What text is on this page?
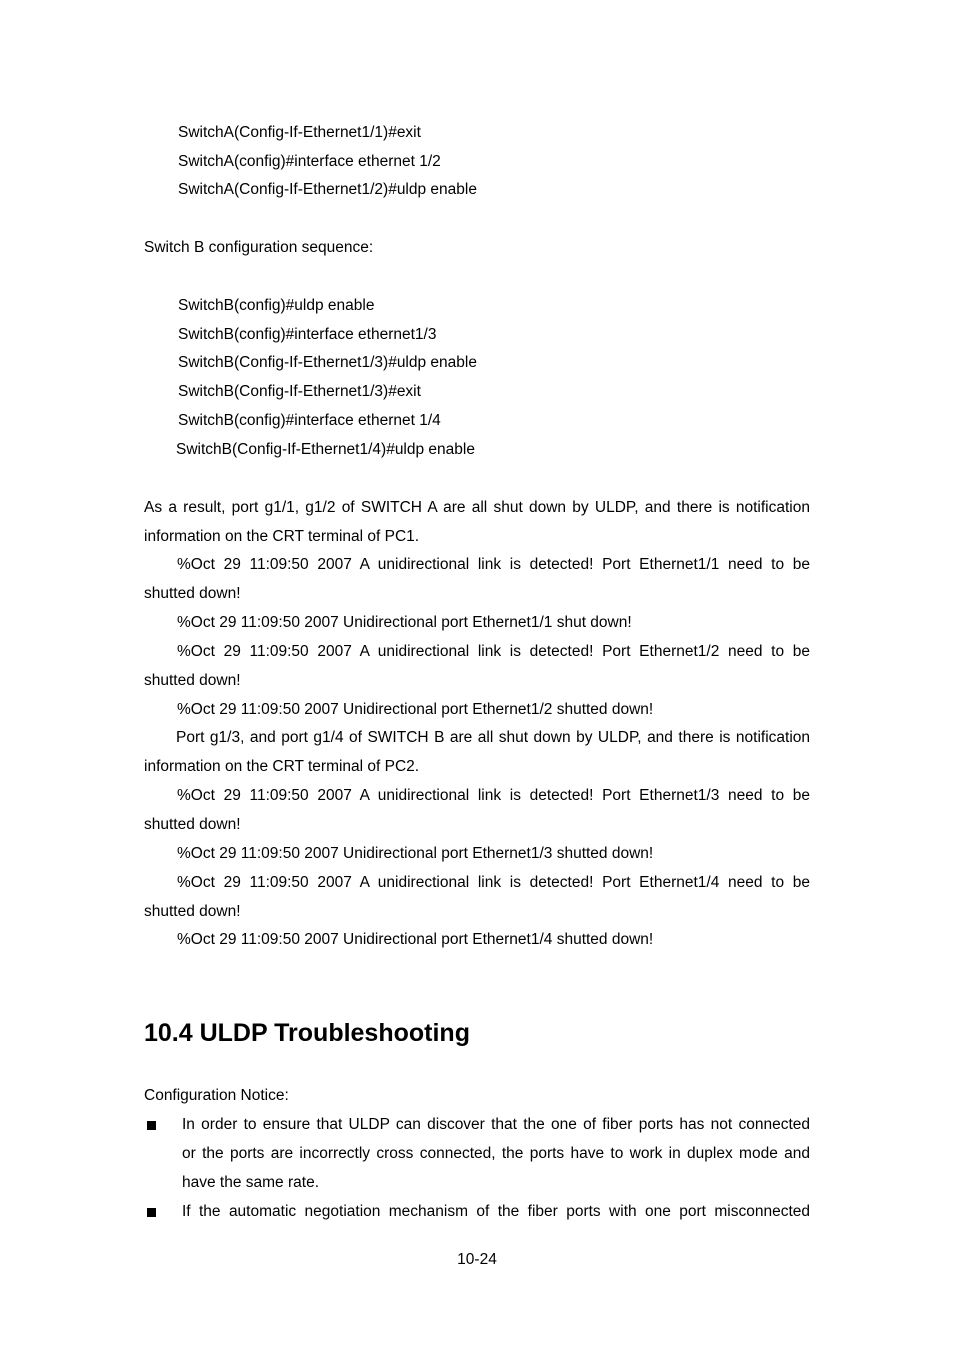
SwitchA(Config-If-Ethernet1/1)#exit
SwitchA(config)#interface ethernet 1/2
SwitchA(Config-If-Ethernet1/2)#uldp enable
Switch B configuration sequence:
SwitchB(config)#uldp enable
SwitchB(config)#interface ethernet1/3
SwitchB(Config-If-Ethernet1/3)#uldp enable
SwitchB(Config-If-Ethernet1/3)#exit
SwitchB(config)#interface ethernet 1/4
SwitchB(Config-If-Ethernet1/4)#uldp enable
As a result, port g1/1, g1/2 of SWITCH A are all shut down by ULDP, and there is notification
information on the CRT terminal of PC1.
%Oct 29 11:09:50 2007 A unidirectional link is detected! Port Ethernet1/1 need to be
shutted down!
%Oct 29 11:09:50 2007 Unidirectional port Ethernet1/1 shut down!
%Oct 29 11:09:50 2007 A unidirectional link is detected! Port Ethernet1/2 need to be
shutted down!
%Oct 29 11:09:50 2007 Unidirectional port Ethernet1/2 shutted down!
Port g1/3, and port g1/4 of SWITCH B are all shut down by ULDP, and there is notification
information on the CRT terminal of PC2.
%Oct 29 11:09:50 2007 A unidirectional link is detected! Port Ethernet1/3 need to be
shutted down!
%Oct 29 11:09:50 2007 Unidirectional port Ethernet1/3 shutted down!
%Oct 29 11:09:50 2007 A unidirectional link is detected! Port Ethernet1/4 need to be
shutted down!
%Oct 29 11:09:50 2007 Unidirectional port Ethernet1/4 shutted down!
10.4 ULDP Troubleshooting
Configuration Notice:
In order to ensure that ULDP can discover that the one of fiber ports has not connected
or the ports are incorrectly cross connected, the ports have to work in duplex mode and
have the same rate.
If the automatic negotiation mechanism of the fiber ports with one port misconnected
10-24
